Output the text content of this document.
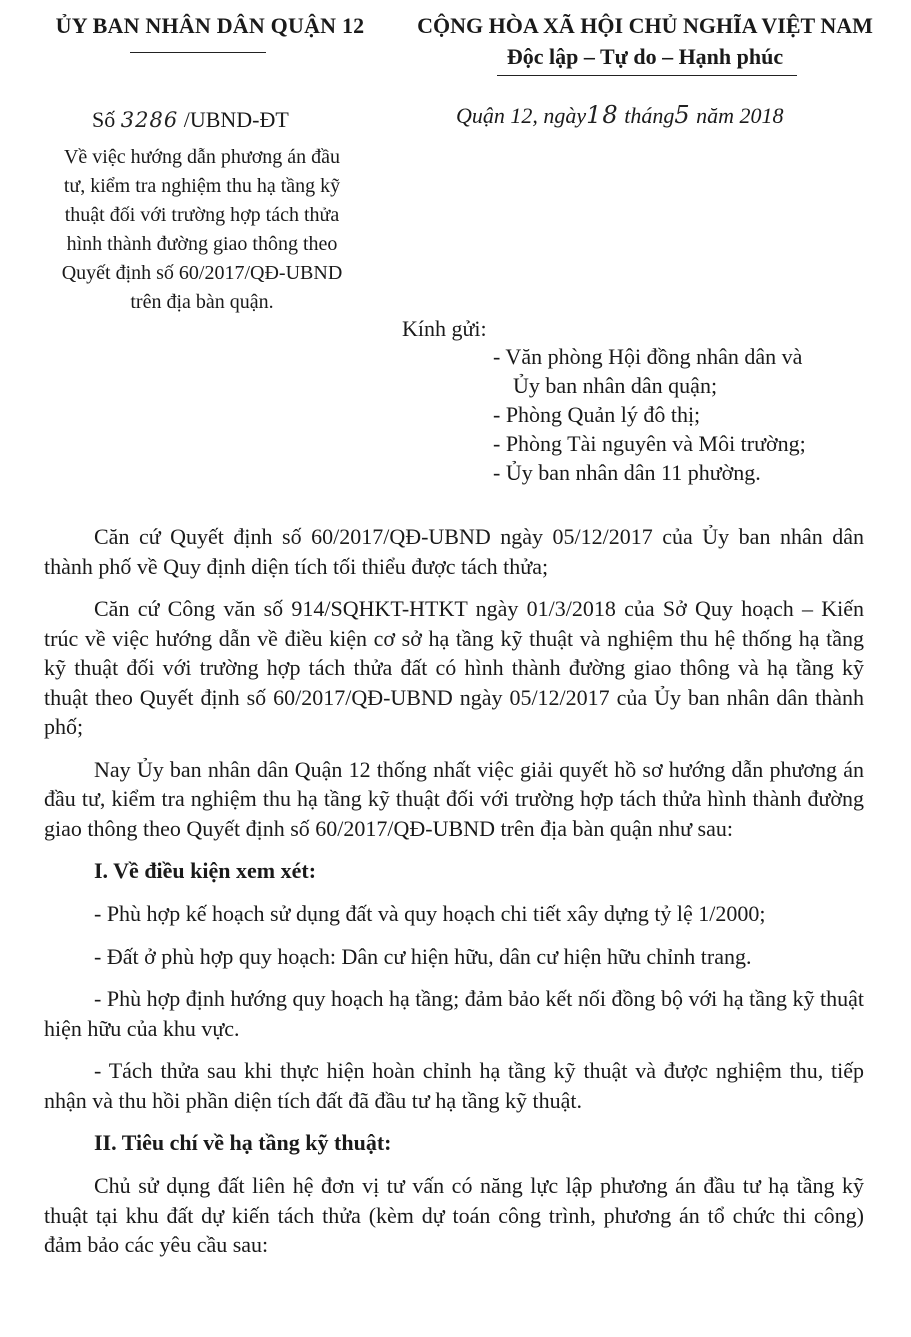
ỦY BAN NHÂN DÂN QUẬN 12	CỘNG HÒA XÃ HỘI CHỦ NGHĨA VIỆT NAM
Độc lập – Tự do – Hạnh phúc
Số 3286 /UBND-ĐT	Quận 12, ngày18 tháng5 năm 2018
Về việc hướng dẫn phương án đầu
tư, kiểm tra nghiệm thu hạ tầng kỹ
thuật đối với trường hợp tách thửa
hình thành đường giao thông theo
Quyết định số 60/2017/QĐ-UBND
trên địa bàn quận.
Kính gửi:
- Văn phòng Hội đồng nhân dân và
Ủy ban nhân dân quận;
- Phòng Quản lý đô thị;
- Phòng Tài nguyên và Môi trường;
- Ủy ban nhân dân 11 phường.

Căn cứ Quyết định số 60/2017/QĐ-UBND ngày 05/12/2017 của Ủy ban nhân dân thành phố về Quy định diện tích tối thiểu được tách thửa;

Căn cứ Công văn số 914/SQHKT-HTKT ngày 01/3/2018 của Sở Quy hoạch – Kiến trúc về việc hướng dẫn về điều kiện cơ sở hạ tầng kỹ thuật và nghiệm thu hệ thống hạ tầng kỹ thuật đối với trường hợp tách thửa đất có hình thành đường giao thông và hạ tầng kỹ thuật theo Quyết định số 60/2017/QĐ-UBND ngày 05/12/2017 của Ủy ban nhân dân thành phố;

Nay Ủy ban nhân dân Quận 12 thống nhất việc giải quyết hồ sơ hướng dẫn phương án đầu tư, kiểm tra nghiệm thu hạ tầng kỹ thuật đối với trường hợp tách thửa hình thành đường giao thông theo Quyết định số 60/2017/QĐ-UBND trên địa bàn quận như sau:

I. Về điều kiện xem xét:

- Phù hợp kế hoạch sử dụng đất và quy hoạch chi tiết xây dựng tỷ lệ 1/2000;

- Đất ở phù hợp quy hoạch: Dân cư hiện hữu, dân cư hiện hữu chỉnh trang.

- Phù hợp định hướng quy hoạch hạ tầng; đảm bảo kết nối đồng bộ với hạ tầng kỹ thuật hiện hữu của khu vực.

- Tách thửa sau khi thực hiện hoàn chỉnh hạ tầng kỹ thuật và được nghiệm thu, tiếp nhận và thu hồi phần diện tích đất đã đầu tư hạ tầng kỹ thuật.

II. Tiêu chí về hạ tầng kỹ thuật:

Chủ sử dụng đất liên hệ đơn vị tư vấn có năng lực lập phương án đầu tư hạ tầng kỹ thuật tại khu đất dự kiến tách thửa (kèm dự toán công trình, phương án tổ chức thi công) đảm bảo các yêu cầu sau:
